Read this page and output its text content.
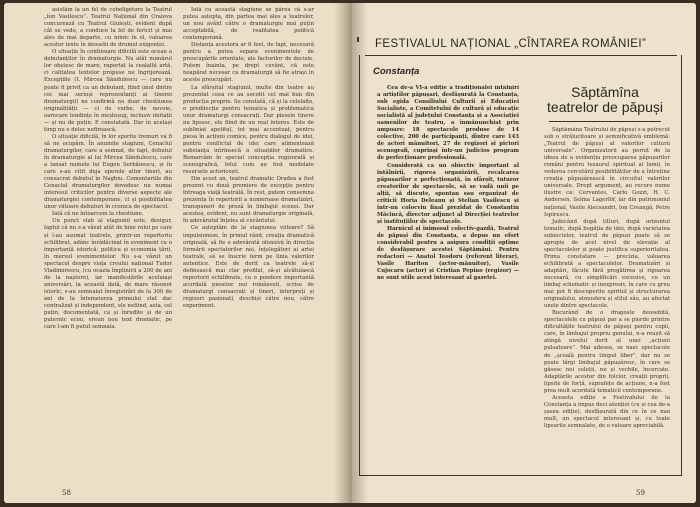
asistăm la un fel de cobeligeture la Teatrul „Ion Vasilescu”. Teatrul Național din Craiova concurează cu Teatrul Giulești, evident după cât se vede, a conduce la fel de fericit și mai ales de mai departe, cu nimic în el, valoarea acestor texte în deosebi de drumul exigenței.

O situație în continuare dificilă este ocean a debutanților în dramaturgie. Nu atât numărul lor obștesc de mare, raportat la cealaltă artă, ci calitatea textelor propuse ne îngrijorează. Excepțiile (I. Mircea Săndulescu — care nu poate fi privit ca un debutant, fiind unul dintre cei mai serioși reprezentanți ai tinerei dramaturgii) ne confirmă nu doar chestiunea originalității — ci de vorbe, de nevoie, oarecare tendințe în meșteșug, inclusiv imitații — și nu de puțin. E constatată. Dar în același timp nu e deloc nefirească.

O situație dificilă, în lor sporite tremuri va fi să ne ocupăm. În anumite stagiuni, Cenaclul dramaturgilor, care a semnat, de fapt, debutul în dramaturgie al lui Mircea Săndulescu, care a lansat numele lui Eugen Serbănescu, și în care s-au citit deja operele altor tineri, au consacrat debutul în Naghiu. Comentariile din Cenaclul dramaturgilor dovedesc nu numai interesul criticilor pentru diverse aspecte ale dramaturgiei contemporane, ci și posibilitatea unor viitoare debuturi în cronica de spectacol.

Iată că ne întoarcem la chestiune.

Un punct slab al stagiunii este, desigur, faptul că nu s-a văzut atât de bine rolul pe care și l-au asumat teatrele, printr-un repertoriu echilibrat, adânc înrădăcinat în eveniment cu o importanță istorică: politica și economia țării, în mersul evenimentelor. Nu s-a văzut un spectacol despre viața creului național Tudor Vladimirescu, (cu ocazia împlinirii a 200 de ani de la naștere), iar manifestările aceluiași aniversări, la această dată, de mare răsunet istoric, s-au semnalat înregistrări de la 300 de ani de la întemeierea primului stat dac centralizat și independent, ele nefiind, asta, cel puțin, documentată, ca și înrudite și de un puternic ecou, vreun nou text dramatic, pe care l-am fi putut semnala.

Iată cu această stagiune se părea că s-ar putea aștepta, din partea mai ales a teatrelor, un nou avânt către o dramaturgie mai puțin acceptabilă, de realitatea politică contemporană.

Distanța acestora ar fi fost, de fapt, necesară pentru a putea separa evenimentele de preocupările orientate, ale factorilor de decizie. Putem înainta, pe drept cuvânt, că este neapărat necesar ca dramaturgii să fie atrași în aceste preocupări.

La sfârșitul stagiunii, multe din teatre au prezentat ceea ce au socotit cel mai bun din producția proprie. Se constată, că și la celelalte, o predilecție pentru tematica și problematica unor dramaturgi consacrați. Dar piesele tinere nu lipsesc, ele fiind de un real interes. Este de subliniat apetitul, tot mai accentuat, pentru piesa în acțiuni comice, pentru dialogul de idei, pentru conflictul de idei care alimentează substanța intrinsecă a situațiilor dramatice. Remarcăm în special concepția regizorală și scenografică, felul cum au fost modelate resursele actoricești.

Din acest an, teatrul dramatic Oradea a fost prezent cu două premiere de excepție pentru întreaga viață teatrală. În rest, putem consemna prezența în repertorii a numeroase dramatizări, transpuneri de proză în limbajul scenei. Dar acestea, evident, nu sunt dramaturgie originală, în adevăratul înțeles al cuvântului.

Ce așteptăm de la stagiunea viitoare? Să impulsioneze, în primul rând, creația dramatică originală, să fie o adevărată ofensivă în direcția formării spectatorilor noi, înțelegători ai artei teatrale, să se înscrie ferm pe linia valorilor autentice. Este de dorit ca teatrele să-și definească mai clar profilul, să-și alcătuiască repertorii echilibrate, cu o pondere importantă acordată pieselor noi românești, scrise de dramaturgi consacrați și tineri, interpreți și regizori pasionați, deschiși către nou, către experiment.

58
FESTIVALUL NAȚIONAL „CÎNTAREA ROMÂNIEI”
Constanța

Cea de-a VI-a ediție a tradiționalei întâlniri a artiștilor păpușari, desfășurată la Constanța, sub egida Consiliului Culturii și Educației Socialiste, a Comitetului de cultură și educație socialistă al județului Constanța și a Asociației oamenilor de teatru, a înmănunchiat prin ampoare: 18 spectacole produse de 14 colective, 200 de participanți, dintre care 143 de actori mânuitori, 27 de regizori și pictori scenografi, cuprinși într-un judicios program de perfecționare profesională.

Considerată ca un obiectiv important al întâlnirii, rigorea organizării, recalcarea păpușarilor e perfecționată, în sfârșit, tuturor creatorilor de spectacole, să se vadă unii pe alții, să discute, spontan sau organizat de criticii Horia Deleanu și Stelian Vasilescu și într-un colocviu final prezidat de Constantin Măciucă, director adjunct al Direcției teatrelor și instituțiilor de spectacole.

Harnicul și inimosul colectiv-gazdă, Teatrul de păpuși din Constanța, a depus un efort considerabil pentru a asigura condiții optime de desfășurare acestei Săptămâni. Pentru redactori — Anatol Teodoru (referent literar), Vasile Hariton (actor-mânuitor), Vasile Cujocaru (actor) și Cristian Pepino (regizor) — ne sunt utile acest interesant al gazetei.

Săptămîna
teatrelor de păpuși

Săptămâna Teatrului de păpuși s-a petrecut sub o strălucitoare și semnificativă emblemă: „Teatrul de păpuși al valorilor culturii universale”. Organizatorii au pornit de la ideea de a evidenția preocuparea păpușarilor români pentru tezaurul spiritual al lumii, în vederea cercetării posibilităților de a întreține creația păpușărească în circuitul valorilor universale. Drept argument, au recurs nume ilustre ca: Cervantes, Carlo Gozzi, H. C. Andersen, Selma Lagerlöf, iar din patrimoniul național, Vasile Alecsandri, Ion Creangă, Petre Ispirescu.

Judecând după titluri, după orizontul tematic, după bogăția de idei, după varietatea subiectelor, teatrul de păpuși poate să se apropie de acel nivel de elevație al spectacolelor și poate justifica superioritatea. Prima constatare — precizia, valoarea echilibrată a spectacolelor. Dramatizări și adaptări, făcute fără pregătirea și rigoarea necesară, cu simplificări excesive, cu un limbaj schematic și inexpresiv, în care cu greu mai pot fi descoperite spiritul și structurarea originalului, atmosfera și stilul său, au afectat unele dintre spectacole.

Bucurând de o dragoste deosebită, spectacolele cu păpuși par a se pierde printre dificultățile teatrului de păpuși pentru copii, care, în limbajul propriu genului, n-a reușit să atingă nivelul dorit al unei „acțiuni pulsatoare”. Mai adesea, se nasc spectacole de „școală pentru timpul liber”, dar nu se poate lărgi limbajul păpușăresc, în care se găsesc noi soluții, nu și vechile, încercate. Adaptările acestor din folclor, creații proprii, lipsite de forță, suprafețe de acțiune, n-a fost prea mult acordată tematicii contemporane.

Aceasta ediție a Festivalului de la Constanța a impus deci atenției (cu și cea de-a șasea ediție), desfășurată din ce în ce mai mult, un spectacol interesant și, cu toate lipsurile semnalate, de o valoare apreciabilă.

59
